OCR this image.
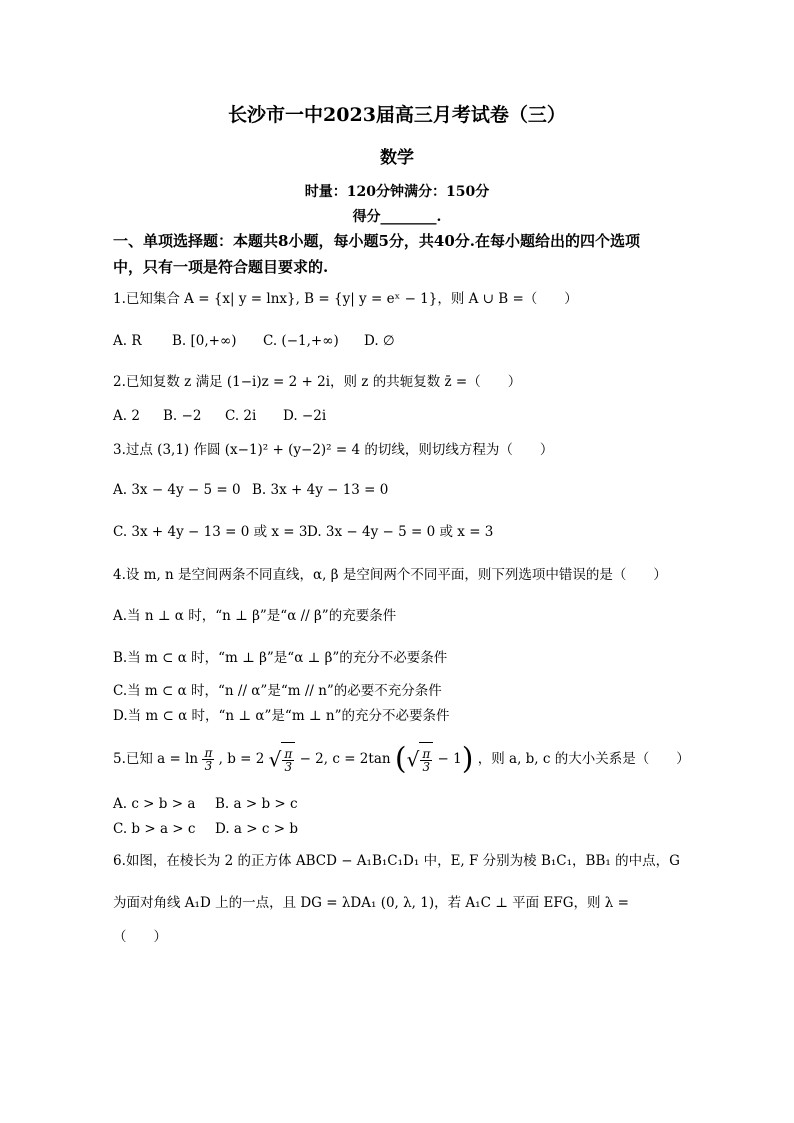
长沙市一中2023届高三月考试卷（三）
数学
时量：120分钟满分：150分
得分________.
一、单项选择题：本题共8小题，每小题5分，共40分.在每小题给出的四个选项
中，只有一项是符合题目要求的.
1.已知集合 A = {x| y = lnx}, B = {y| y = eˣ − 1}，则 A ∪ B =（　　）
A. R B. [0,+∞) C. (−1,+∞) D. ∅
2.已知复数 z 满足 (1−i)z = 2 + 2i，则 z 的共轭复数 z̄ =（　　）
A. 2 B. −2 C. 2i D. −2i
3.过点 (3,1) 作圆 (x−1)² + (y−2)² = 4 的切线，则切线方程为（　　）
A. 3x − 4y − 5 = 0 B. 3x + 4y − 13 = 0
C. 3x + 4y − 13 = 0 或 x = 3 D. 3x − 4y − 5 = 0 或 x = 3
4.设 m, n 是空间两条不同直线，α, β 是空间两个不同平面，则下列选项中错误的是（　　）
A.当 n ⊥ α 时，“n ⊥ β”是“α // β”的充要条件
B.当 m ⊂ α 时，“m ⊥ β”是“α ⊥ β”的充分不必要条件
C.当 m ⊂ α 时，“n // α”是“m // n”的必要不充分条件
D.当 m ⊂ α 时，“n ⊥ α”是“m ⊥ n”的充分不必要条件
5.已知 $a = \ln \frac{\pi}{3}$ , b = 2 √ $\frac{\pi}{3} - 2$, c = 2tan (√ $\frac{\pi}{3} - 1$) ，则 a, b, c 的大小关系是（　　）
A. c > b > a B. a > b > c
C. b > a > c D. a > c > b
6.如图，在棱长为 2 的正方体 ABCD − A₁B₁C₁D₁ 中，E, F 分别为棱 B₁C₁，BB₁ 的中点，G
为面对角线 A₁D 上的一点，且 DG = λDA₁ (0, λ, 1)，若 A₁C ⊥ 平面 EFG，则 λ =
（　　）
